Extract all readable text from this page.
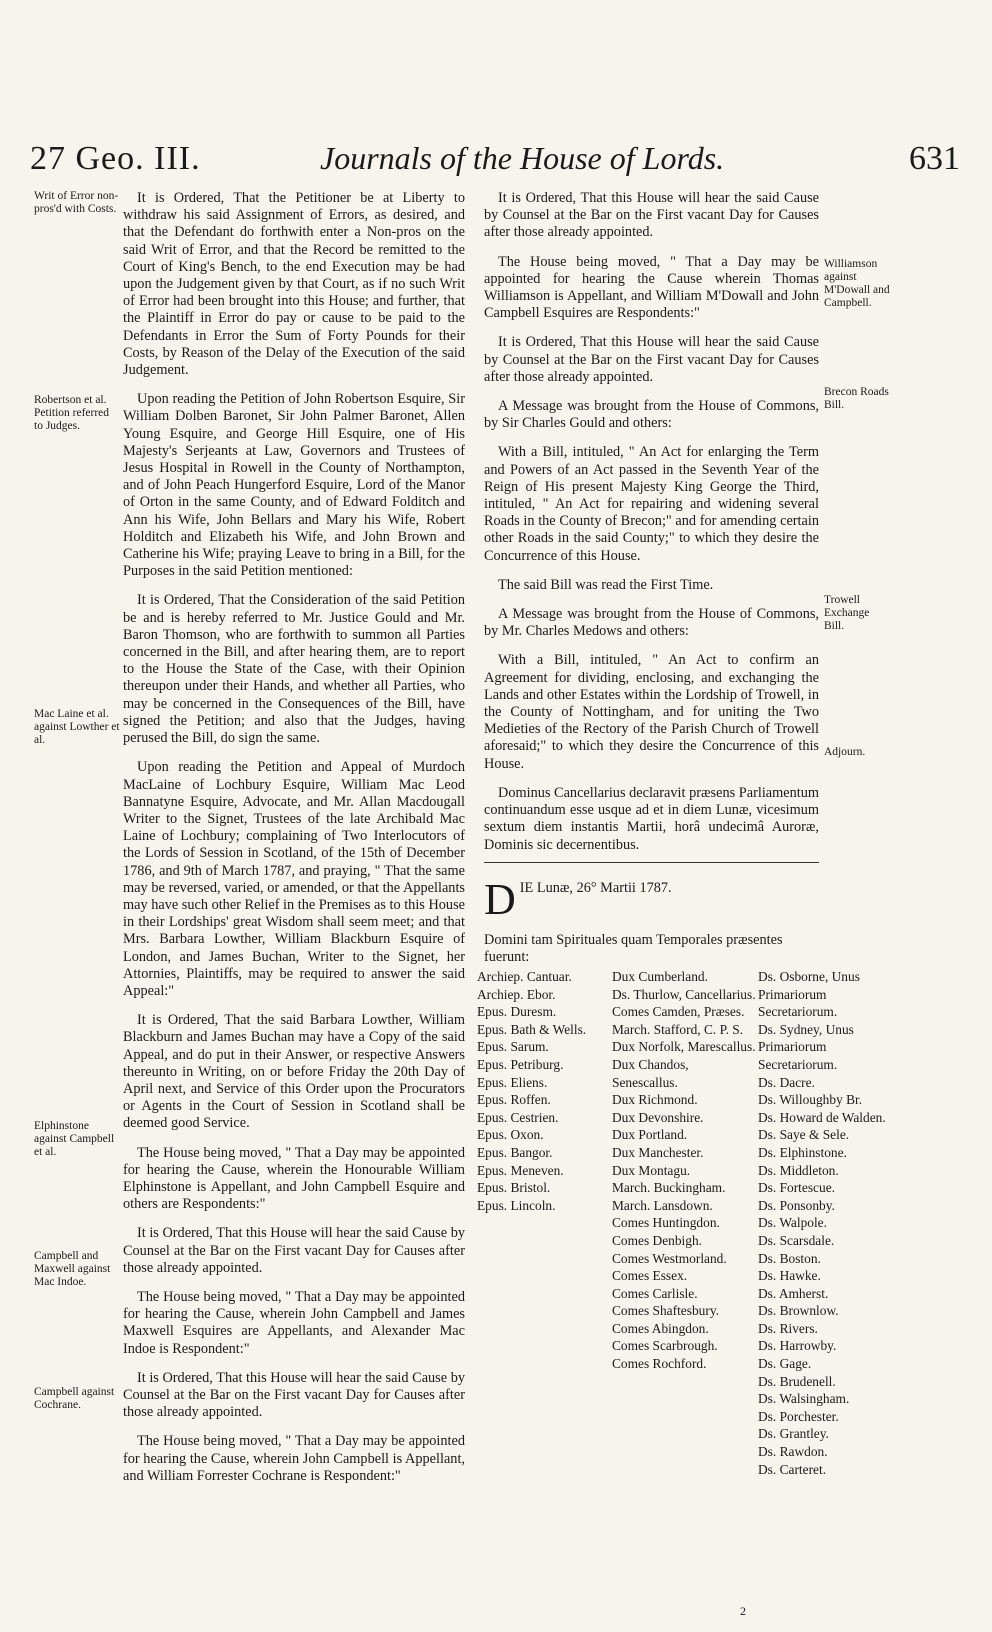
27 Geo. III.	Journals of the House of Lords.	631
Writ of Error non-pros'd with Costs.
Robertson et al. Petition referred to Judges.
Mac Laine et al. against Lowther et al.
Elphinstone against Campbell et al.
Campbell and Maxwell against Mac Indoe.
Campbell against Cochrane.
Williamson against M'Dowall and Campbell.
Brecon Roads Bill.
Trowell Exchange Bill.
Adjourn.

It is Ordered, That the Petitioner be at Liberty to withdraw his said Assignment of Errors, as desired, and that the Defendant do forthwith enter a Non-pros on the said Writ of Error, and that the Record be remitted to the Court of King's Bench, to the end Execution may be had upon the Judgement given by that Court, as if no such Writ of Error had been brought into this House; and further, that the Plaintiff in Error do pay or cause to be paid to the Defendants in Error the Sum of Forty Pounds for their Costs, by Reason of the Delay of the Execution of the said Judgement.

Upon reading the Petition of John Robertson Esquire, Sir William Dolben Baronet, Sir John Palmer Baronet, Allen Young Esquire, and George Hill Esquire, one of His Majesty's Serjeants at Law, Governors and Trustees of Jesus Hospital in Rowell in the County of Northampton, and of John Peach Hungerford Esquire, Lord of the Manor of Orton in the same County, and of Edward Folditch and Ann his Wife, John Bellars and Mary his Wife, Robert Holditch and Elizabeth his Wife, and John Brown and Catherine his Wife; praying Leave to bring in a Bill, for the Purposes in the said Petition mentioned:

It is Ordered, That the Consideration of the said Petition be and is hereby referred to Mr. Justice Gould and Mr. Baron Thomson, who are forthwith to summon all Parties concerned in the Bill, and after hearing them, are to report to the House the State of the Case, with their Opinion thereupon under their Hands, and whether all Parties, who may be concerned in the Consequences of the Bill, have signed the Petition; and also that the Judges, having perused the Bill, do sign the same.

Upon reading the Petition and Appeal of Murdoch MacLaine of Lochbury Esquire, William Mac Leod Bannatyne Esquire, Advocate, and Mr. Allan Macdougall Writer to the Signet, Trustees of the late Archibald Mac Laine of Lochbury; complaining of Two Interlocutors of the Lords of Session in Scotland, of the 15th of December 1786, and 9th of March 1787, and praying, " That the same may be reversed, varied, or amended, or that the Appellants may have such other Relief in the Premises as to this House in their Lordships' great Wisdom shall seem meet; and that Mrs. Barbara Lowther, William Blackburn Esquire of London, and James Buchan, Writer to the Signet, her Attornies, Plaintiffs, may be required to answer the said Appeal:"

It is Ordered, That the said Barbara Lowther, William Blackburn and James Buchan may have a Copy of the said Appeal, and do put in their Answer, or respective Answers thereunto in Writing, on or before Friday the 20th Day of April next, and Service of this Order upon the Procurators or Agents in the Court of Session in Scotland shall be deemed good Service.

The House being moved, " That a Day may be appointed for hearing the Cause, wherein the Honourable William Elphinstone is Appellant, and John Campbell Esquire and others are Respondents:"

It is Ordered, That this House will hear the said Cause by Counsel at the Bar on the First vacant Day for Causes after those already appointed.

The House being moved, " That a Day may be appointed for hearing the Cause, wherein John Campbell and James Maxwell Esquires are Appellants, and Alexander Mac Indoe is Respondent:"

It is Ordered, That this House will hear the said Cause by Counsel at the Bar on the First vacant Day for Causes after those already appointed.

The House being moved, " That a Day may be appointed for hearing the Cause, wherein John Campbell is Appellant, and William Forrester Cochrane is Respondent:"

It is Ordered, That this House will hear the said Cause by Counsel at the Bar on the First vacant Day for Causes after those already appointed.

The House being moved, " That a Day may be appointed for hearing the Cause wherein Thomas Williamson is Appellant, and William M'Dowall and John Campbell Esquires are Respondents:"

It is Ordered, That this House will hear the said Cause by Counsel at the Bar on the First vacant Day for Causes after those already appointed.

A Message was brought from the House of Commons, by Sir Charles Gould and others:

With a Bill, intituled, " An Act for enlarging the Term and Powers of an Act passed in the Seventh Year of the Reign of His present Majesty King George the Third, intituled, " An Act for repairing and widening several Roads in the County of Brecon;" and for amending certain other Roads in the said County;" to which they desire the Concurrence of this House.

The said Bill was read the First Time.

A Message was brought from the House of Commons, by Mr. Charles Medows and others:

With a Bill, intituled, " An Act to confirm an Agreement for dividing, enclosing, and exchanging the Lands and other Estates within the Lordship of Trowell, in the County of Nottingham, and for uniting the Two Medieties of the Rectory of the Parish Church of Trowell aforesaid;" to which they desire the Concurrence of this House.

Dominus Cancellarius declaravit præsens Parliamentum continuandum esse usque ad et in diem Lunæ, vicesimum sextum diem instantis Martii, horâ undecimâ Auroræ, Dominis sic decernentibus.

D IE Lunæ, 26° Martii 1787.
Domini tam Spirituales quam Temporales præsentes fuerunt:
Archiep. Cantuar.
Archiep. Ebor.
Epus. Duresm.
Epus. Bath & Wells.
Epus. Sarum.
Epus. Petriburg.
Epus. Eliens.
Epus. Roffen.
Epus. Cestrien.
Epus. Oxon.
Epus. Bangor.
Epus. Meneven.
Epus. Bristol.
Epus. Lincoln.
Dux Cumberland.
Ds. Thurlow, Cancellarius.
Comes Camden, Præses.
March. Stafford, C. P. S.
Dux Norfolk, Marescallus.
Dux Chandos, Senescallus.
Dux Richmond.
Dux Devonshire.
Dux Portland.
Dux Manchester.
Dux Montagu.
March. Buckingham.
March. Lansdown.
Comes Huntingdon.
Comes Denbigh.
Comes Westmorland.
Comes Essex.
Comes Carlisle.
Comes Shaftesbury.
Comes Abingdon.
Comes Scarbrough.
Comes Rochford.
Ds. Osborne, Unus Primariorum Secretariorum.
Ds. Sydney, Unus Primariorum Secretariorum.
Ds. Dacre.
Ds. Willoughby Br.
Ds. Howard de Walden.
Ds. Saye & Sele.
Ds. Elphinstone.
Ds. Middleton.
Ds. Fortescue.
Ds. Ponsonby.
Ds. Walpole.
Ds. Scarsdale.
Ds. Boston.
Ds. Hawke.
Ds. Amherst.
Ds. Brownlow.
Ds. Rivers.
Ds. Harrowby.
Ds. Gage.
Ds. Brudenell.
Ds. Walsingham.
Ds. Porchester.
Ds. Grantley.
Ds. Rawdon.
Ds. Carteret.
2
